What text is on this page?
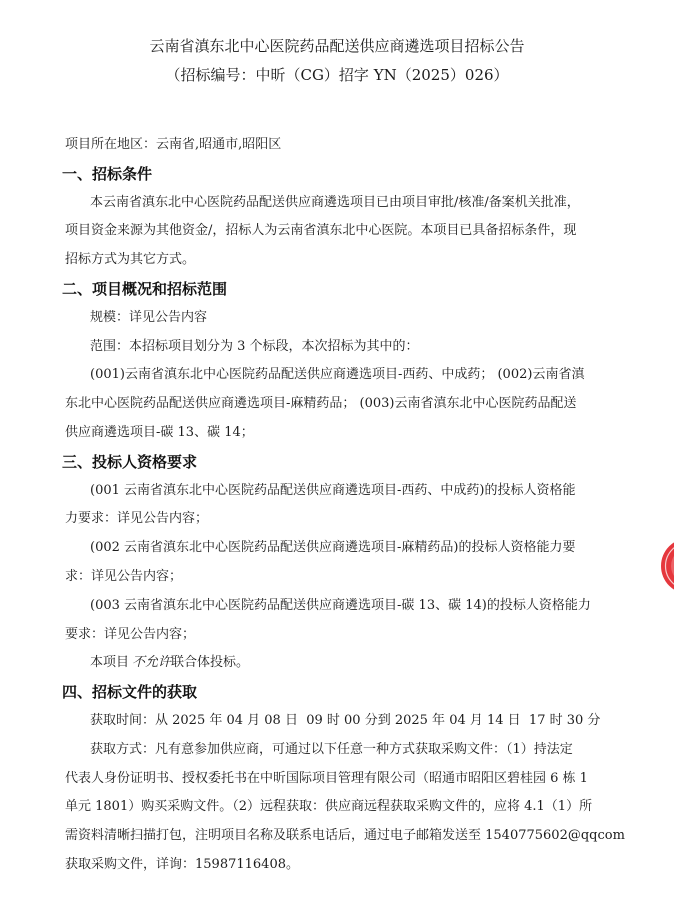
云南省滇东北中心医院药品配送供应商遴选项目招标公告
（招标编号：中昕（CG）招字 YN（2025）026）
项目所在地区：云南省,昭通市,昭阳区
一、招标条件
本云南省滇东北中心医院药品配送供应商遴选项目已由项目审批/核准/备案机关批准，
项目资金来源为其他资金/，招标人为云南省滇东北中心医院。本项目已具备招标条件，现
招标方式为其它方式。
二、项目概况和招标范围
规模：详见公告内容
范围：本招标项目划分为 3 个标段，本次招标为其中的：
(001)云南省滇东北中心医院药品配送供应商遴选项目-西药、中成药； (002)云南省滇
东北中心医院药品配送供应商遴选项目-麻精药品； (003)云南省滇东北中心医院药品配送
供应商遴选项目-碳 13、碳 14；
三、投标人资格要求
(001 云南省滇东北中心医院药品配送供应商遴选项目-西药、中成药)的投标人资格能
力要求：详见公告内容；
(002 云南省滇东北中心医院药品配送供应商遴选项目-麻精药品)的投标人资格能力要
求：详见公告内容；
(003 云南省滇东北中心医院药品配送供应商遴选项目-碳 13、碳 14)的投标人资格能力
要求：详见公告内容；
本项目 不允许联合体投标。
四、招标文件的获取
获取时间：从 2025 年 04 月 08 日  09 时 00 分到 2025 年 04 月 14 日  17 时 30 分
获取方式：凡有意参加供应商，可通过以下任意一种方式获取采购文件：（1）持法定
代表人身份证明书、授权委托书在中昕国际项目管理有限公司（昭通市昭阳区碧桂园 6 栋 1
单元 1801）购买采购文件。（2）远程获取：供应商远程获取采购文件的，应将 4.1（1）所
需资料清晰扫描打包，注明项目名称及联系电话后，通过电子邮箱发送至 1540775602@qqcom
获取采购文件，详询：15987116408。
